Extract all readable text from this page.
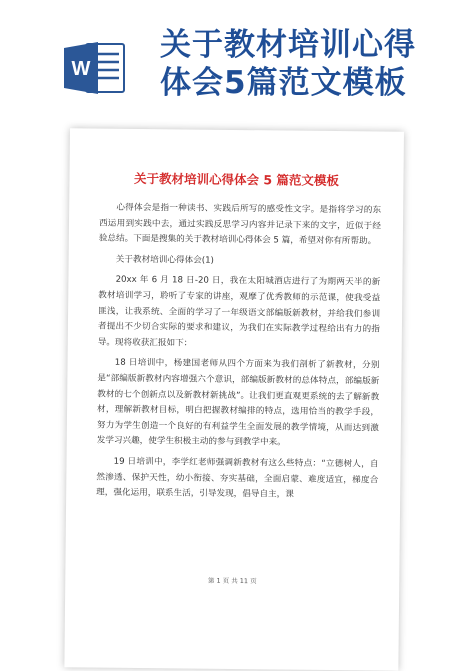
W
关于教材培训心得
体会5篇范文模板
关于教材培训心得体会 5 篇范文模板

心得体会是指一种读书、实践后所写的感受性文字。是指将学习的东西运用到实践中去，通过实践反思学习内容并记录下来的文字，近似于经验总结。下面是搜集的关于教材培训心得体会 5 篇，希望对你有所帮助。

关于教材培训心得体会(1)

20xx 年 6 月 18 日-20 日，我在太阳城酒店进行了为期两天半的新教材培训学习，聆听了专家的讲座，观摩了优秀教师的示范课，使我受益匪浅，让我系统、全面的学习了一年级语文部编版新教材，并给我们参训者提出不少切合实际的要求和建议，为我们在实际教学过程给出有力的指导。现将收获汇报如下：

18 日培训中，杨建国老师从四个方面来为我们剖析了新教材，分别是“部编版新教材内容增强六个意识，部编版新教材的总体特点，部编版新教材的七个创新点以及新教材新挑战”。让我们更直观更系统的去了解新教材，理解新教材目标，明白把握教材编排的特点，选用恰当的教学手段，努力为学生创造一个良好的有利益学生全面发展的教学情境，从而达到激发学习兴趣，使学生积极主动的参与到教学中来。

19 日培训中，李学红老师强调新教材有这么些特点：“立德树人，自然渗透、保护天性，幼小衔接、夯实基础，全面启蒙、难度适宜，梯度合理，强化运用，联系生活，引导发现，倡导自主，课

第 1 页 共 11 页
